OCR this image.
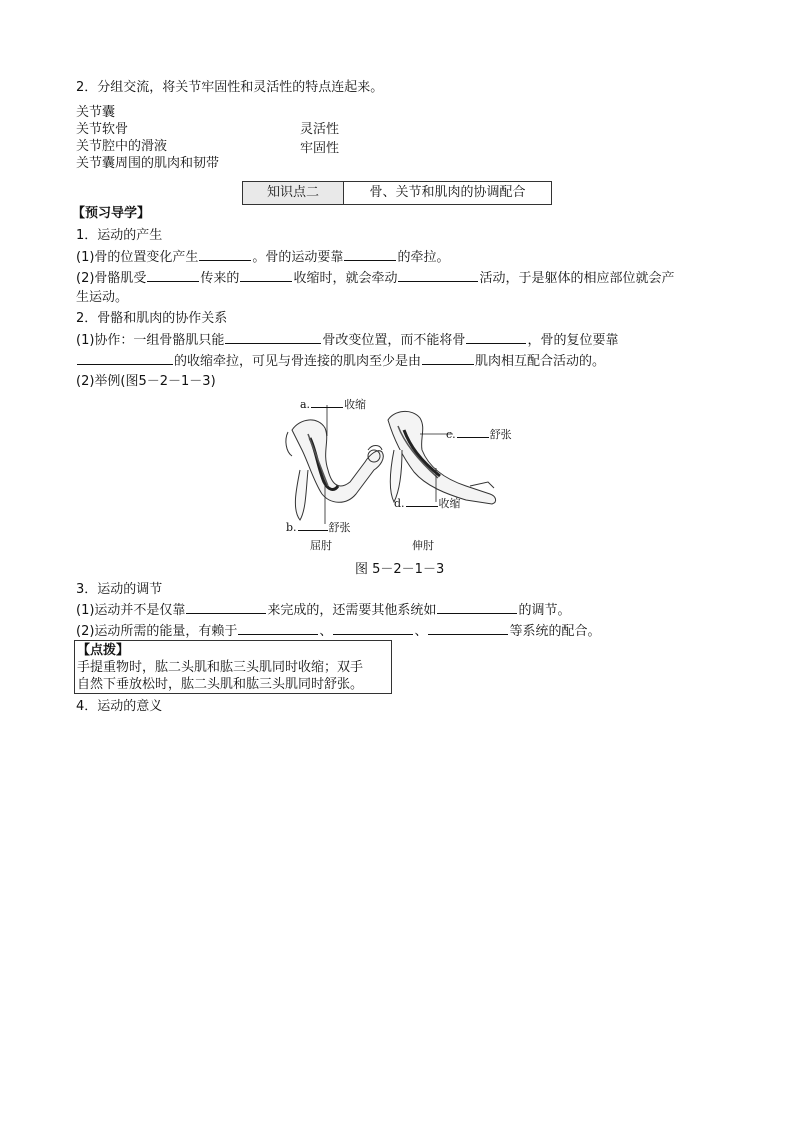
2．分组交流，将关节牢固性和灵活性的特点连起来。
关节囊
关节软骨
关节腔中的滑液
关节囊周围的肌肉和韧带
灵活性
牢固性
知识点二	骨、关节和肌肉的协调配合
【预习导学】
1．运动的产生
(1)骨的位置变化产生	。骨的运动要靠	的牵拉。
(2)骨骼肌受	传来的	收缩时，就会牵动	活动，于是躯体的相应部位就会产
生运动。
2．骨骼和肌肉的协作关系
(1)协作：一组骨骼肌只能	骨改变位置，而不能将骨	，骨的复位要靠
的收缩牵拉，可见与骨连接的肌肉至少是由	肌肉相互配合活动的。
(2)举例(图5－2－1－3)
a.	收缩
b.	舒张
c.	舒张
d.	收缩
屈肘	伸肘
图 5－2－1－3
3．运动的调节
(1)运动并不是仅靠	来完成的，还需要其他系统如	的调节。
(2)运动所需的能量，有赖于	、	、	等系统的配合。
【点拨】
手提重物时，肱二头肌和肱三头肌同时收缩；双手
自然下垂放松时，肱二头肌和肱三头肌同时舒张。
4．运动的意义
